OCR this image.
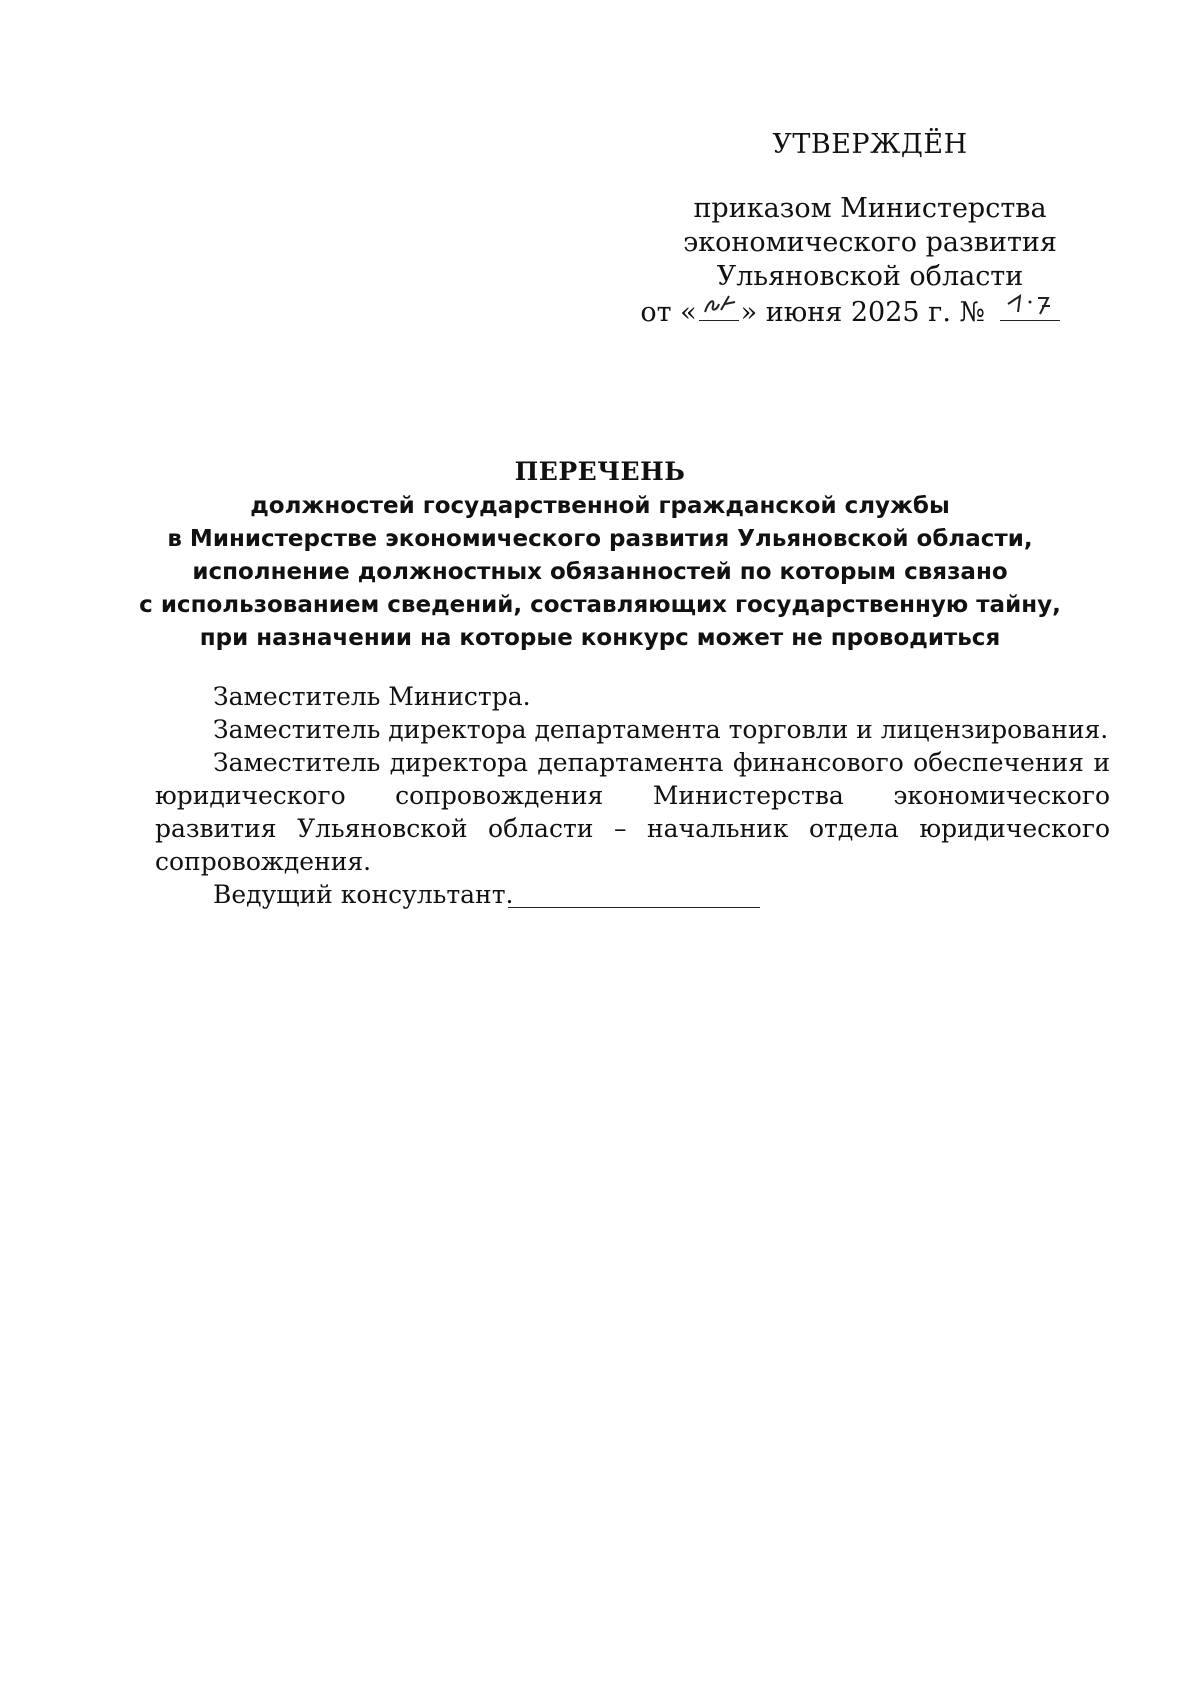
УТВЕРЖДЁН
приказом Министерства
экономического развития
Ульяновской области
от « » июня 2025 г. №
ПЕРЕЧЕНЬ
должностей государственной гражданской службы
в Министерстве экономического развития Ульяновской области,
исполнение должностных обязанностей по которым связано
с использованием сведений, составляющих государственную тайну,
при назначении на которые конкурс может не проводиться

Заместитель Министра.

Заместитель директора департамента торговли и лицензирования.

Заместитель директора департамента финансового обеспечения и юридического сопровождения Министерства экономического развития Ульяновской области – начальник отдела юридического сопровождения.

Ведущий консультант.
